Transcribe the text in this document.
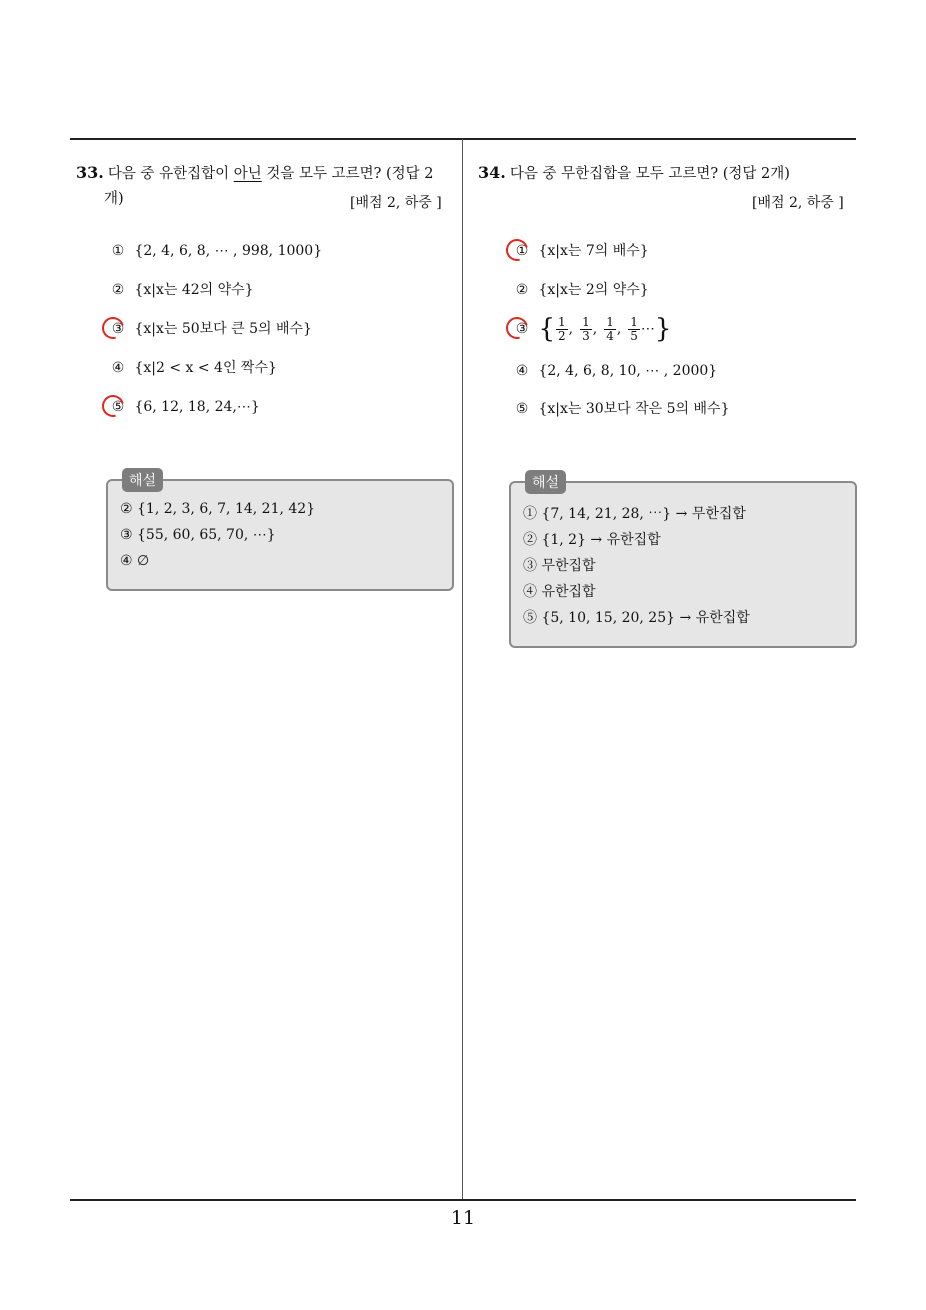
33. 다음 중 유한집합이 아닌 것을 모두 고르면? (정답 2
개)	[배점 2, 하중 ]
① {2, 4, 6, 8, ⋯ , 998, 1000}
② {x|x는 42의 약수}
③ {x|x는 50보다 큰 5의 배수}
④ {x|2 < x < 4인 짝수}
⑤ {6, 12, 18, 24,⋯}
해설
② {1, 2, 3, 6, 7, 14, 21, 42}
③ {55, 60, 65, 70, ⋯}
④ ∅
34. 다음 중 무한집합을 모두 고르면? (정답 2개)
[배점 2, 하중 ]
① {x|x는 7의 배수}
② {x|x는 2의 약수}
③ { $\frac{1}{2}$ , $\frac{1}{3}$ , $\frac{1}{4}$ , $\frac{1}{5}$ ⋯}
④ {2, 4, 6, 8, 10, ⋯ , 2000}
⑤ {x|x는 30보다 작은 5의 배수}
해설
① {7, 14, 21, 28, ⋯} → 무한집합
② {1, 2} → 유한집합
③ 무한집합
④ 유한집합
⑤ {5, 10, 15, 20, 25} → 유한집합
11
